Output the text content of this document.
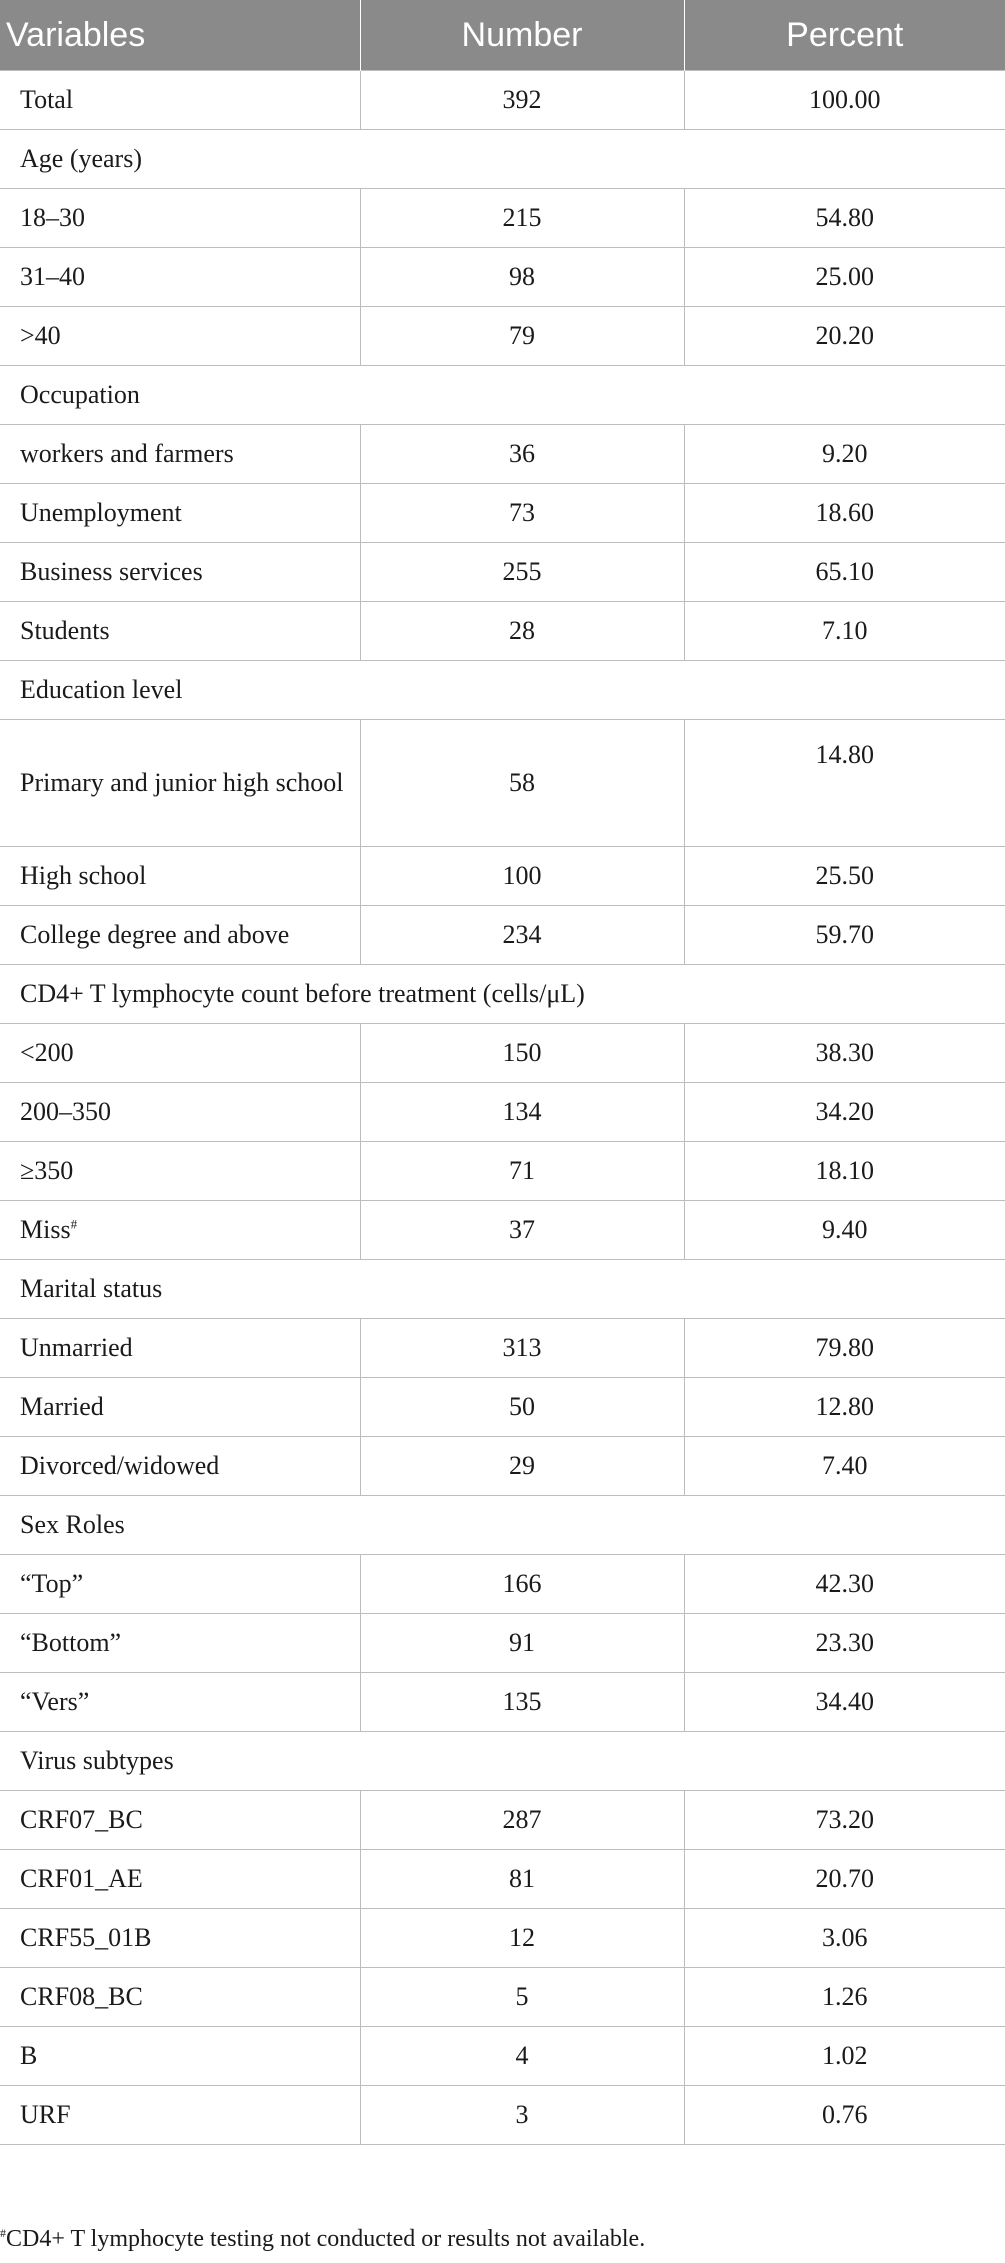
Variables	Number	Percent
Total	392	100.00
Age (years)		
18–30	215	54.80
31–40	98	25.00
>40	79	20.20
Occupation		
workers and farmers	36	9.20
Unemployment	73	18.60
Business services	255	65.10
Students	28	7.10
Education level		
Primary and junior high school	58	14.80
High school	100	25.50
College degree and above	234	59.70
CD4+ T lymphocyte count before treatment (cells/μL)		
<200	150	38.30
200–350	134	34.20
≥350	71	18.10
Miss#	37	9.40
Marital status		
Unmarried	313	79.80
Married	50	12.80
Divorced/widowed	29	7.40
Sex Roles		
“Top”	166	42.30
“Bottom”	91	23.30
“Vers”	135	34.40
Virus subtypes		
CRF07_BC	287	73.20
CRF01_AE	81	20.70
CRF55_01B	12	3.06
CRF08_BC	5	1.26
B	4	1.02
URF	3	0.76
#CD4+ T lymphocyte testing not conducted or results not available.
